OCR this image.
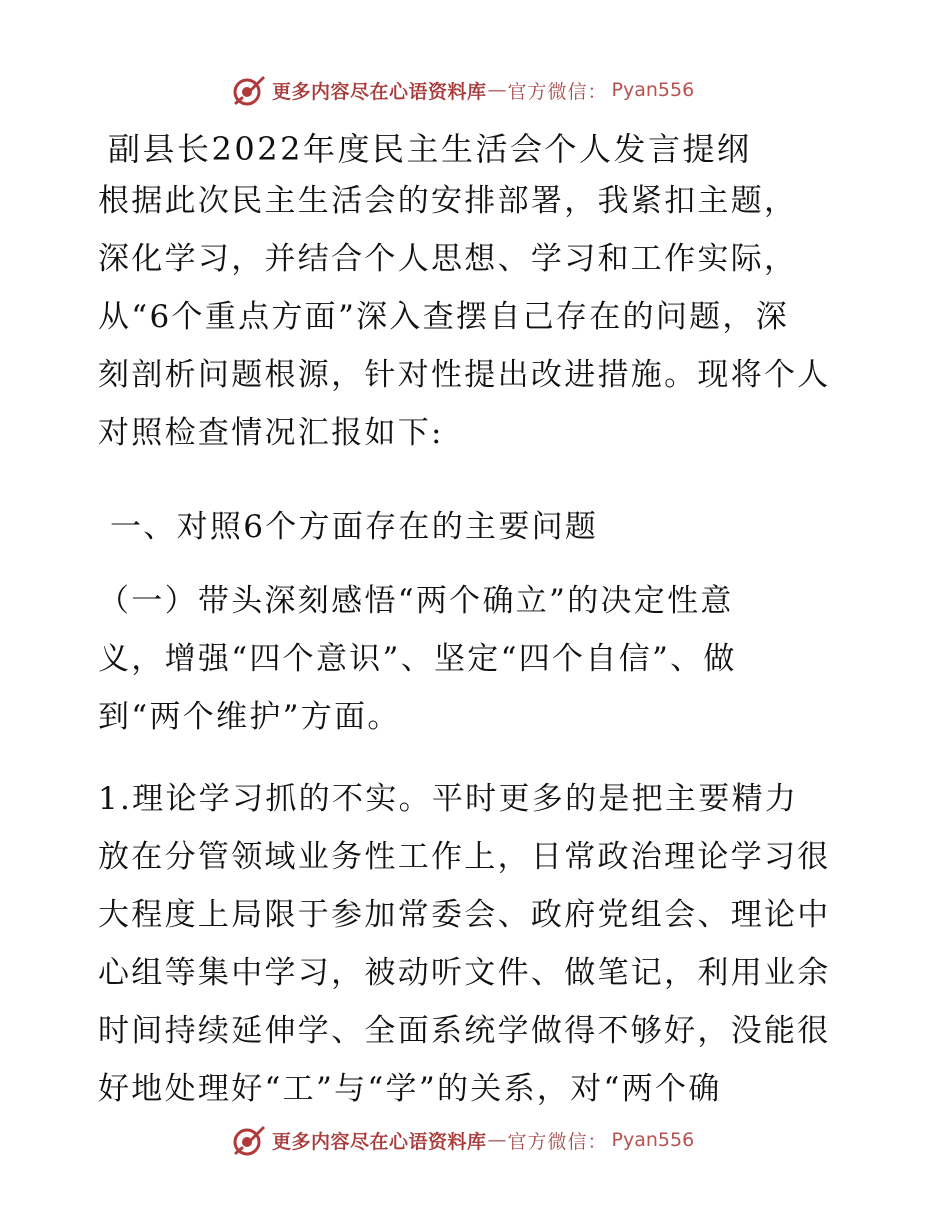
更多内容尽在心语资料库 — 官方微信： Pyan556
副县长2022年度民主生活会个人发言提纲
根据此次民主生活会的安排部署，我紧扣主题，
深化学习，并结合个人思想、学习和工作实际，
从“6个重点方面”深入查摆自己存在的问题，深
刻剖析问题根源，针对性提出改进措施。现将个人
对照检查情况汇报如下:
一、对照6个方面存在的主要问题
（一）带头深刻感悟“两个确立”的决定性意
义，增强“四个意识”、坚定“四个自信”、做
到“两个维护”方面。
1.理论学习抓的不实。平时更多的是把主要精力
放在分管领域业务性工作上，日常政治理论学习很
大程度上局限于参加常委会、政府党组会、理论中
心组等集中学习，被动听文件、做笔记，利用业余
时间持续延伸学、全面系统学做得不够好，没能很
好地处理好“工”与“学”的关系，对“两个确
更多内容尽在心语资料库 — 官方微信： Pyan556
